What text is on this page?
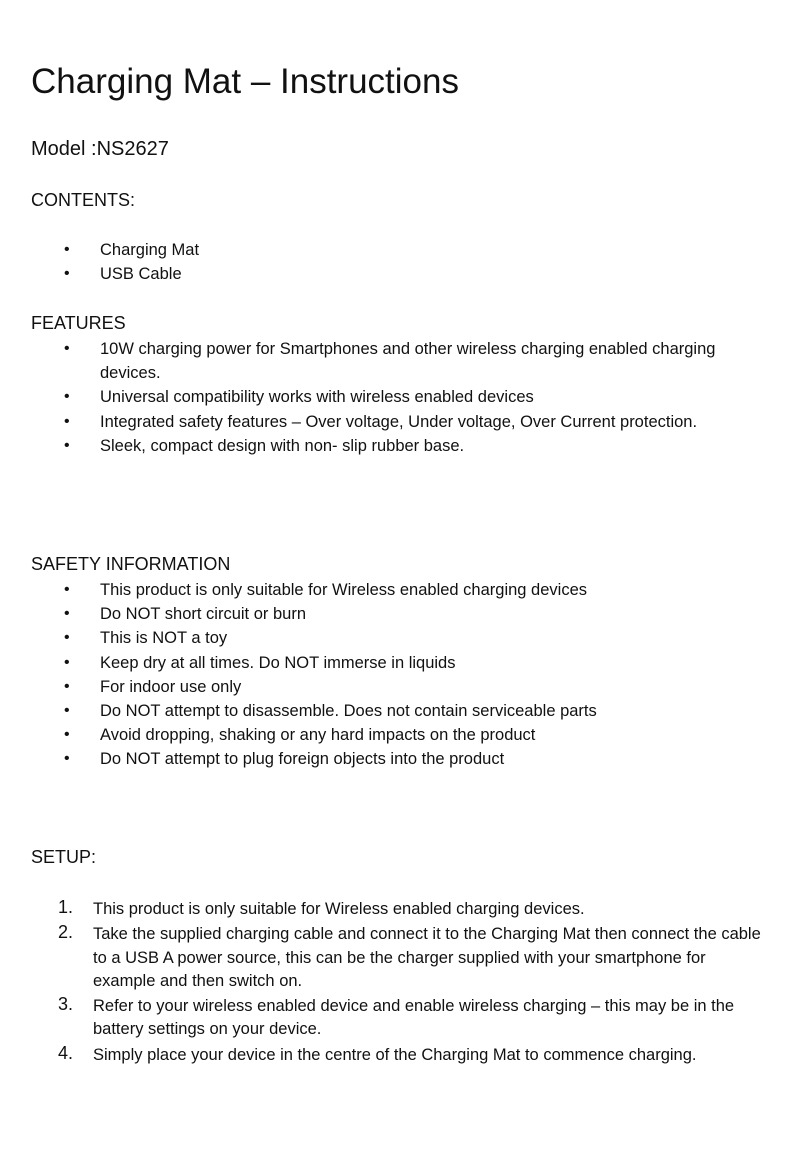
Charging Mat – Instructions
Model :NS2627
CONTENTS:
• Charging Mat
• USB Cable
FEATURES
• 10W charging power for Smartphones and other wireless charging enabled charging devices.
• Universal compatibility works with wireless enabled devices
• Integrated safety features – Over voltage, Under voltage, Over Current protection.
• Sleek, compact design with non- slip rubber base.
SAFETY INFORMATION
• This product is only suitable for Wireless enabled charging devices
• Do NOT short circuit or burn
• This is NOT a toy
• Keep dry at all times. Do NOT immerse in liquids
• For indoor use only
• Do NOT attempt to disassemble. Does not contain serviceable parts
• Avoid dropping, shaking or any hard impacts on the product
• Do NOT attempt to plug foreign objects into the product
SETUP:
1. This product is only suitable for Wireless enabled charging devices.
2. Take the supplied charging cable and connect it to the Charging Mat then connect the cable to a USB A power source, this can be the charger supplied with your smartphone for example and then switch on.
3. Refer to your wireless enabled device and enable wireless charging – this may be in the battery settings on your device.
4. Simply place your device in the centre of the Charging Mat to commence charging.
